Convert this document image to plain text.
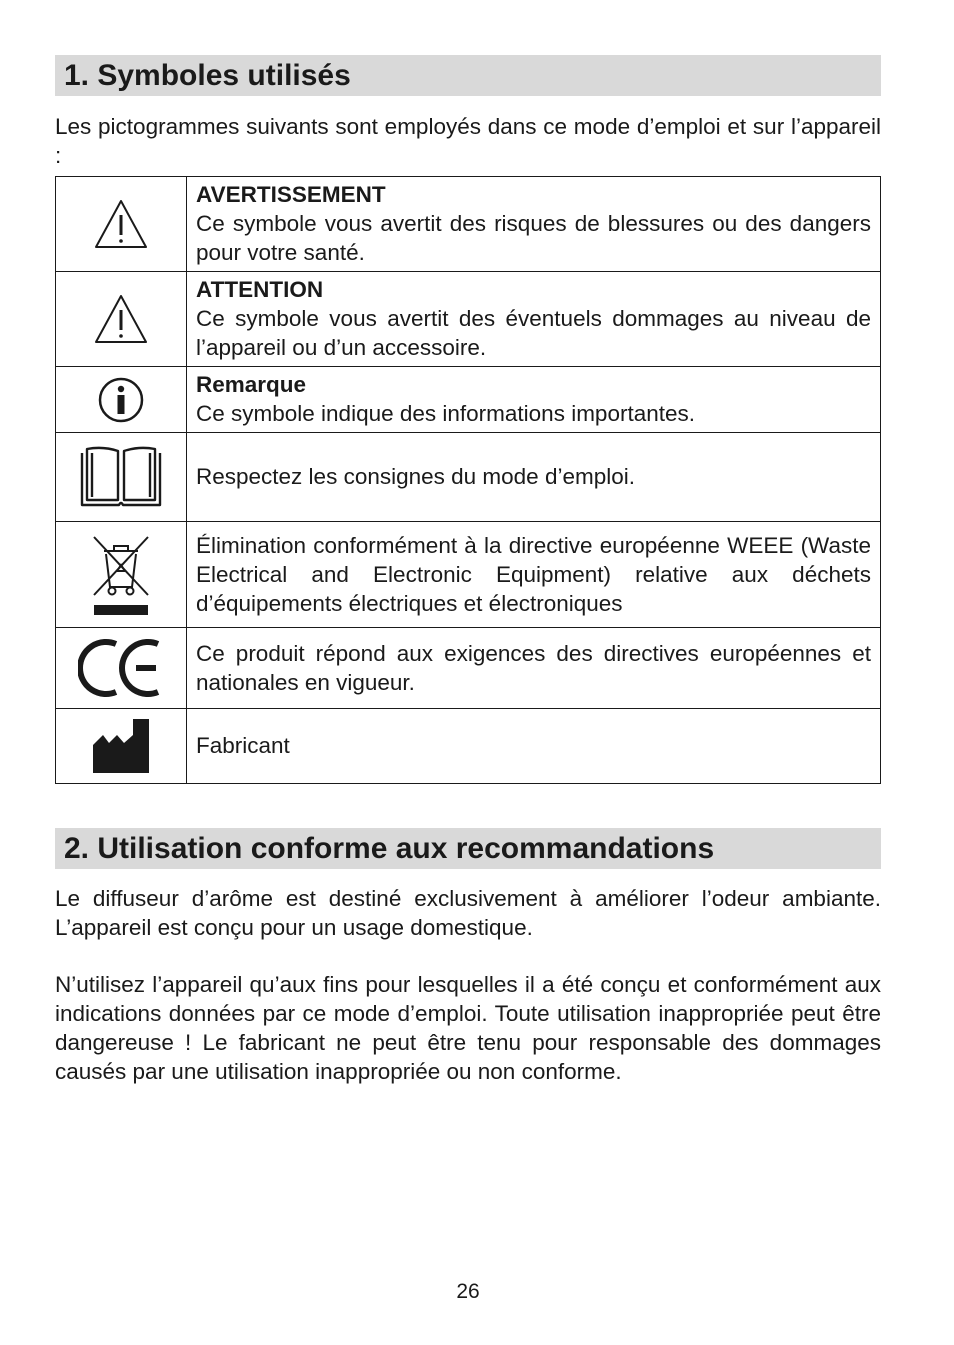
1. Symboles utilisés

Les pictogrammes suivants sont employés dans ce mode d’emploi et sur l’appareil :

AVERTISSEMENT
Ce symbole vous avertit des risques de blessures ou des dangers pour votre santé.

ATTENTION
Ce symbole vous avertit des éventuels dommages au niveau de l’appareil ou d’un accessoire.

Remarque
Ce symbole indique des informations importantes.

Respectez les consignes du mode d’emploi.

Élimination conformément à la directive européenne WEEE (Waste Electrical and Electronic Equipment) relative aux déchets d’équipements électriques et électroniques

Ce produit répond aux exigences des directives européennes et nationales en vigueur.

Fabricant
2. Utilisation conforme aux recommandations

Le diffuseur d’arôme est destiné exclusivement à améliorer l’odeur ambiante. L’appareil est conçu pour un usage domestique.

N’utilisez l’appareil qu’aux fins pour lesquelles il a été conçu et conformément aux indications données par ce mode d’emploi. Toute utilisation inappropriée peut être dangereuse ! Le fabricant ne peut être tenu pour responsable des dommages causés par une utilisation inappropriée ou non conforme.

26
